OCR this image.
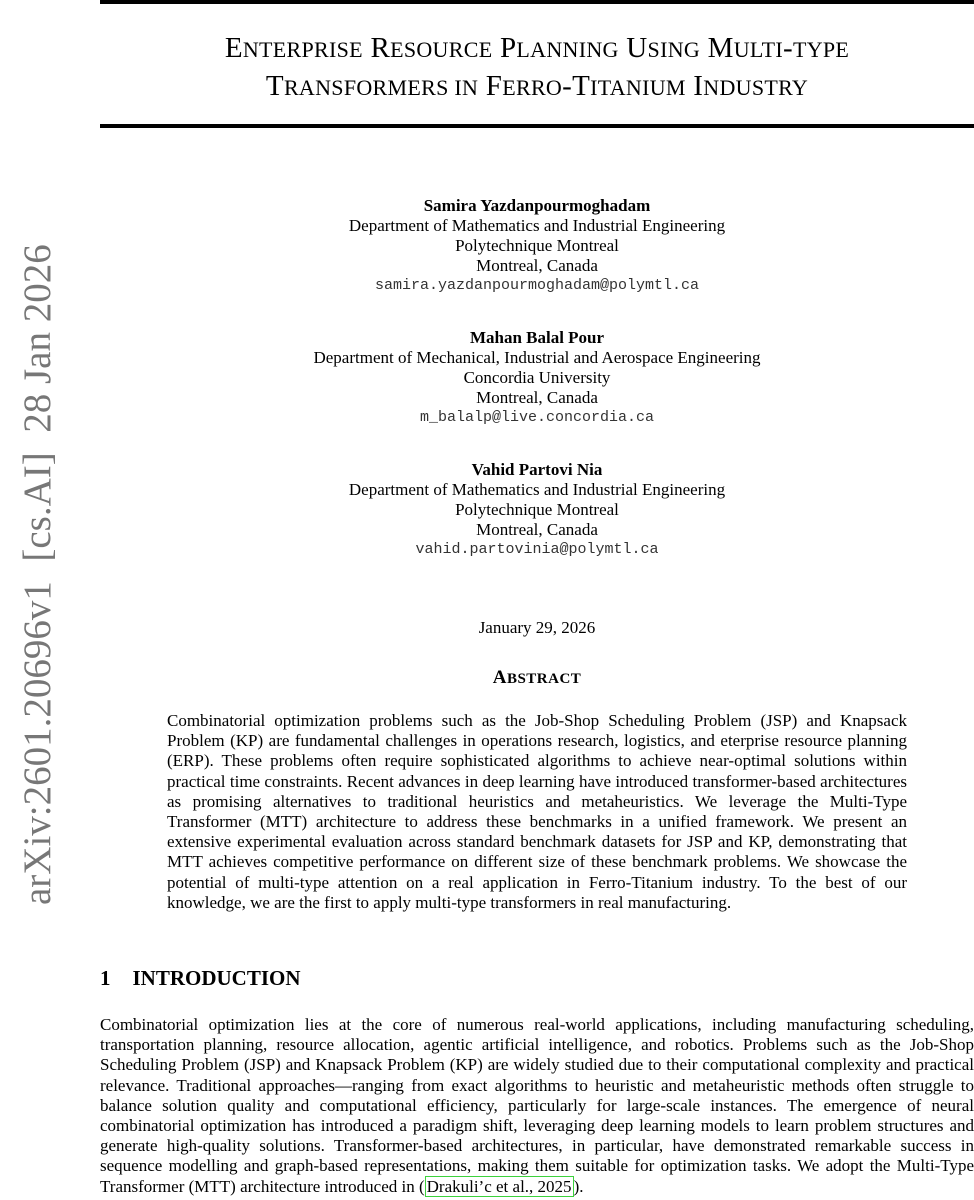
ENTERPRISE RESOURCE PLANNING USING MULTI-TYPE
TRANSFORMERS IN FERRO-TITANIUM INDUSTRY
arXiv:2601.20696v1  [cs.AI]  28 Jan 2026
Samira Yazdanpourmoghadam
Department of Mathematics and Industrial Engineering
Polytechnique Montreal
Montreal, Canada
samira.yazdanpourmoghadam@polymtl.ca
Mahan Balal Pour
Department of Mechanical, Industrial and Aerospace Engineering
Concordia University
Montreal, Canada
m_balalp@live.concordia.ca
Vahid Partovi Nia
Department of Mathematics and Industrial Engineering
Polytechnique Montreal
Montreal, Canada
vahid.partovinia@polymtl.ca
January 29, 2026
ABSTRACT
Combinatorial optimization problems such as the Job-Shop Scheduling Problem (JSP) and Knapsack Problem (KP) are fundamental challenges in operations research, logistics, and eterprise resource planning (ERP). These problems often require sophisticated algorithms to achieve near-optimal solutions within practical time constraints. Recent advances in deep learning have introduced transformer-based architectures as promising alternatives to traditional heuristics and metaheuristics. We leverage the Multi-Type Transformer (MTT) architecture to address these benchmarks in a unified framework. We present an extensive experimental evaluation across standard benchmark datasets for JSP and KP, demonstrating that MTT achieves competitive performance on different size of these benchmark problems. We showcase the potential of multi-type attention on a real application in Ferro-Titanium industry. To the best of our knowledge, we are the first to apply multi-type transformers in real manufacturing.
1 INTRODUCTION
Combinatorial optimization lies at the core of numerous real-world applications, including manufacturing scheduling, transportation planning, resource allocation, agentic artificial intelligence, and robotics. Problems such as the Job-Shop Scheduling Problem (JSP) and Knapsack Problem (KP) are widely studied due to their computational complexity and practical relevance. Traditional approaches—ranging from exact algorithms to heuristic and metaheuristic methods often struggle to balance solution quality and computational efficiency, particularly for large-scale instances. The emergence of neural combinatorial optimization has introduced a paradigm shift, leveraging deep learning models to learn problem structures and generate high-quality solutions. Transformer-based architectures, in particular, have demonstrated remarkable success in sequence modelling and graph-based representations, making them suitable for optimization tasks. We adopt the Multi-Type Transformer (MTT) architecture introduced in ( Drakuli’c et al., 2025 ).
